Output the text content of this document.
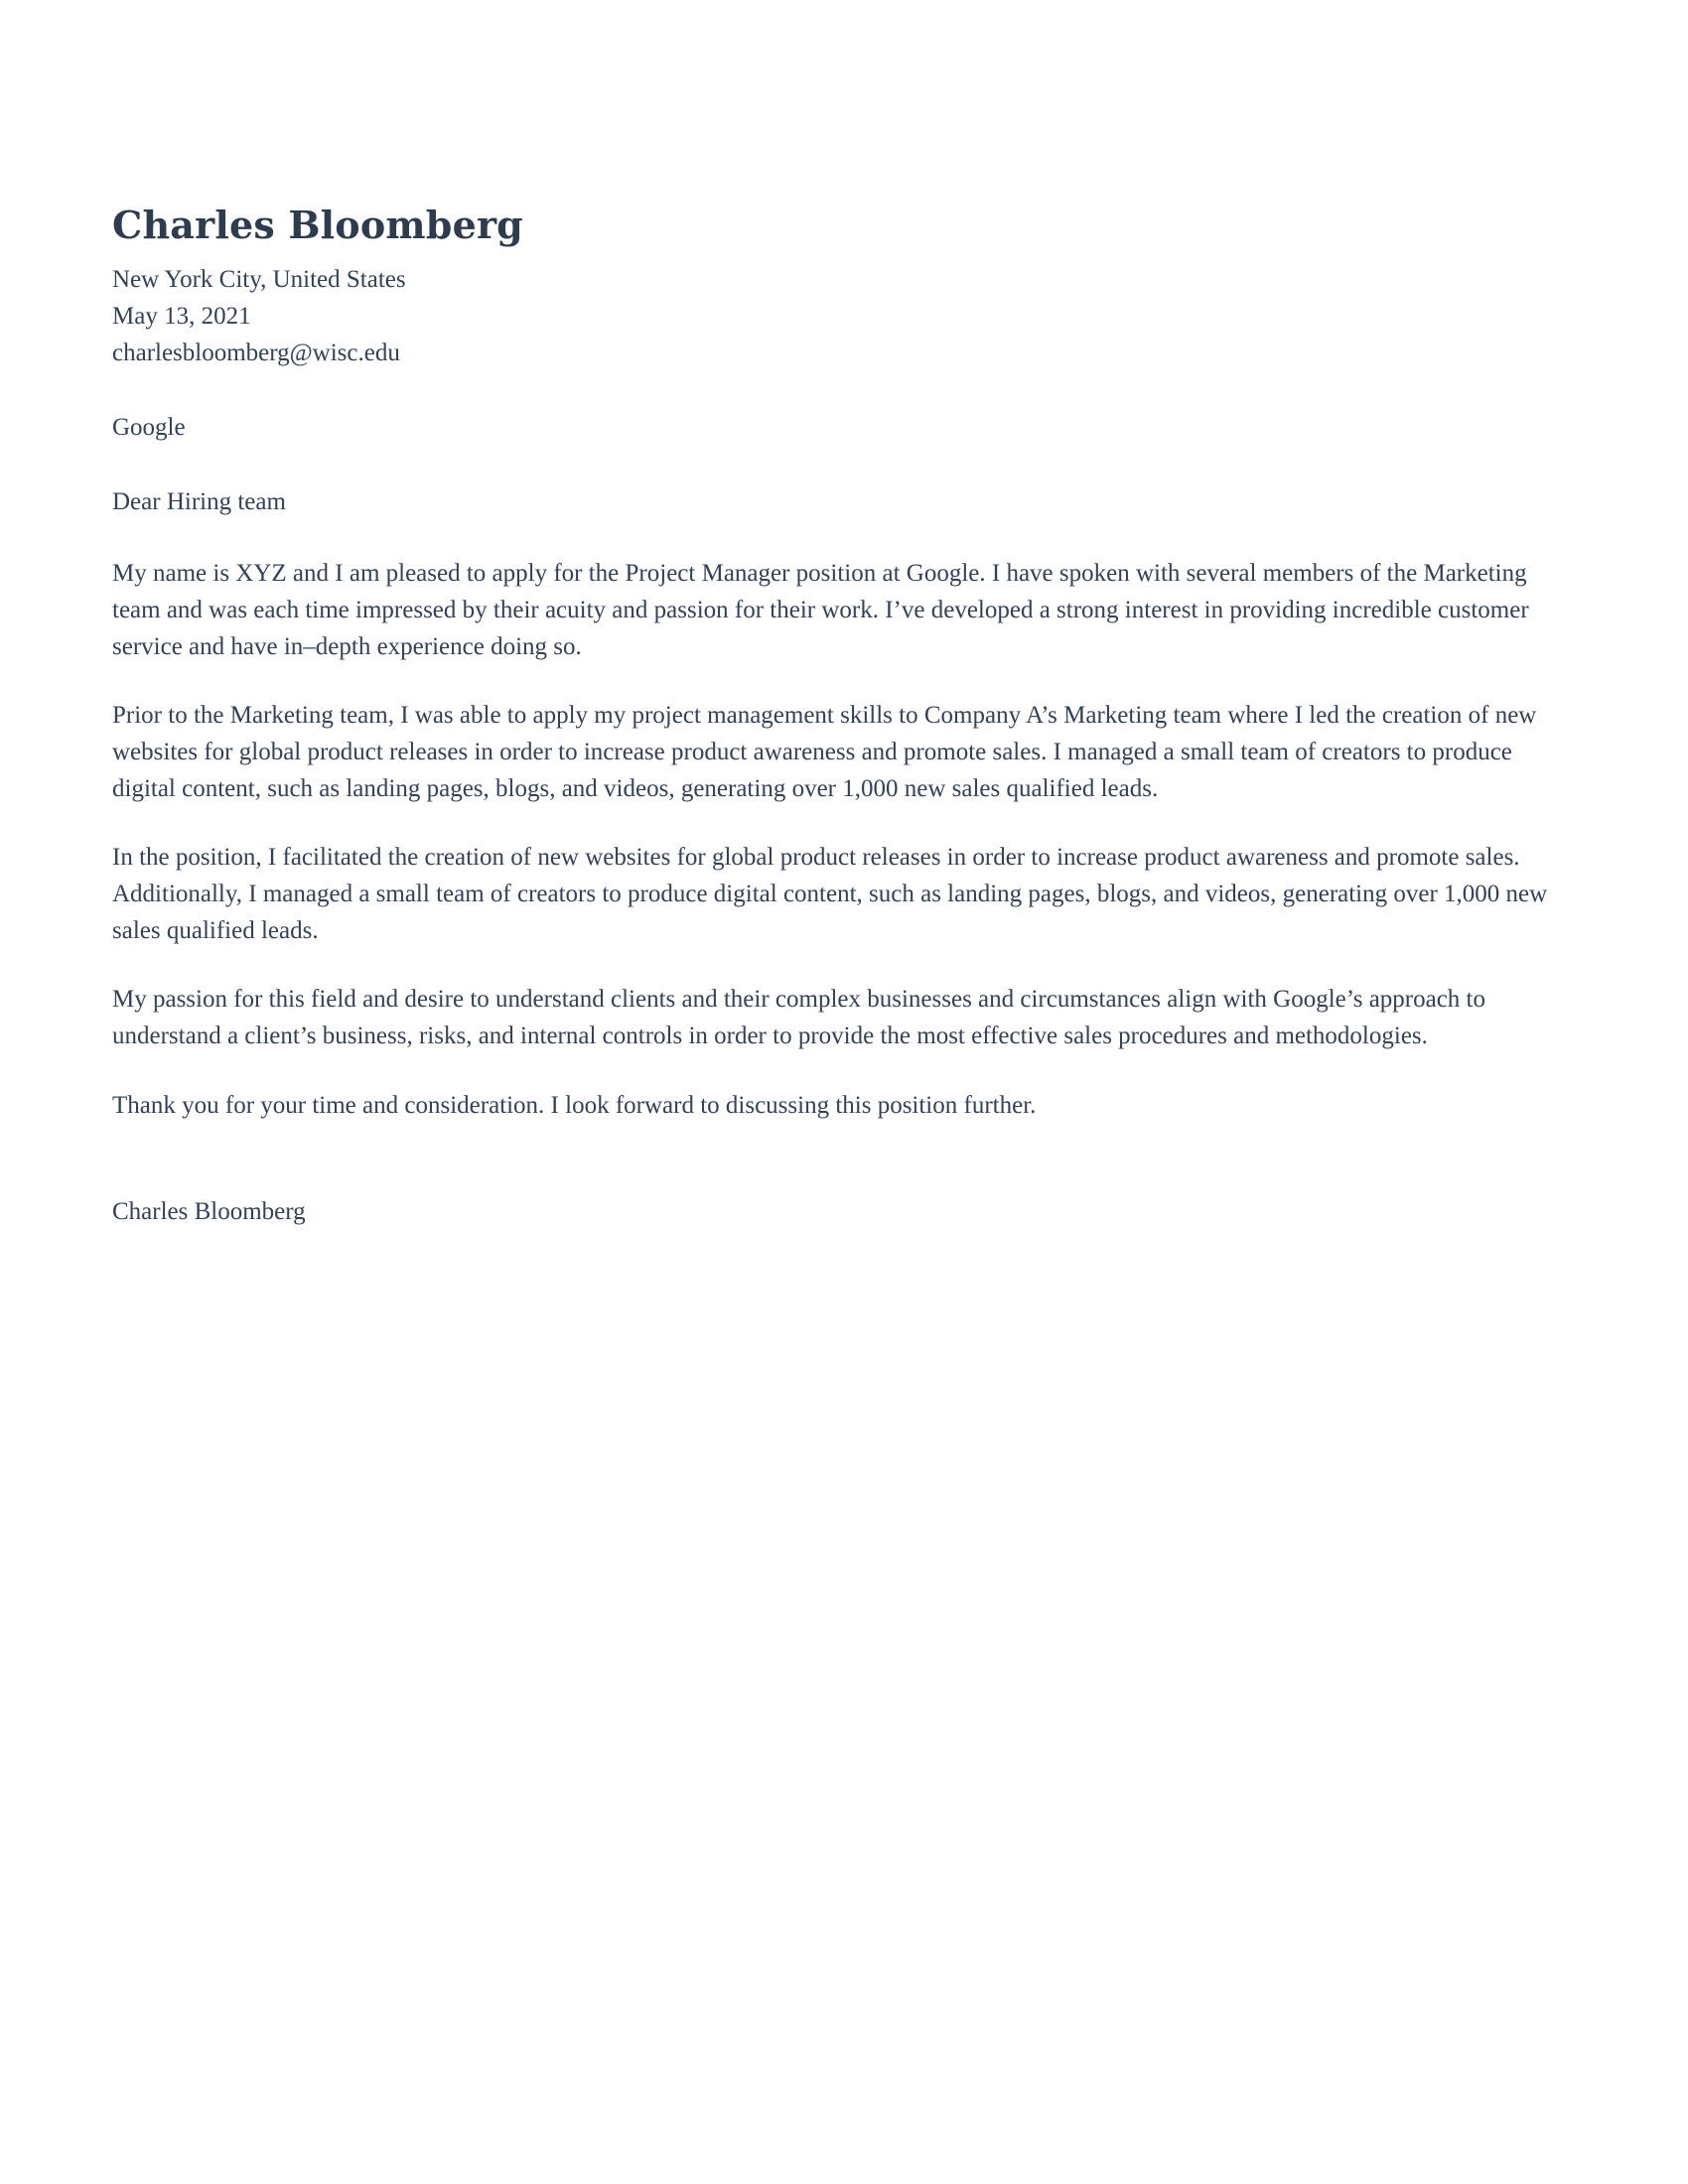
Charles Bloomberg
New York City, United States
May 13, 2021
charlesbloomberg@wisc.edu
Google
Dear Hiring team

My name is XYZ and I am pleased to apply for the Project Manager position at Google. I have spoken with several members of the Marketing team and was each time impressed by their acuity and passion for their work. I’ve developed a strong interest in providing incredible customer service and have in–depth experience doing so.

Prior to the Marketing team, I was able to apply my project management skills to Company A’s Marketing team where I led the creation of new websites for global product releases in order to increase product awareness and promote sales. I managed a small team of creators to produce digital content, such as landing pages, blogs, and videos, generating over 1,000 new sales qualified leads.

In the position, I facilitated the creation of new websites for global product releases in order to increase product awareness and promote sales. Additionally, I managed a small team of creators to produce digital content, such as landing pages, blogs, and videos, generating over 1,000 new sales qualified leads.

My passion for this field and desire to understand clients and their complex businesses and circumstances align with Google’s approach to understand a client’s business, risks, and internal controls in order to provide the most effective sales procedures and methodologies.

Thank you for your time and consideration. I look forward to discussing this position further.
Charles Bloomberg
